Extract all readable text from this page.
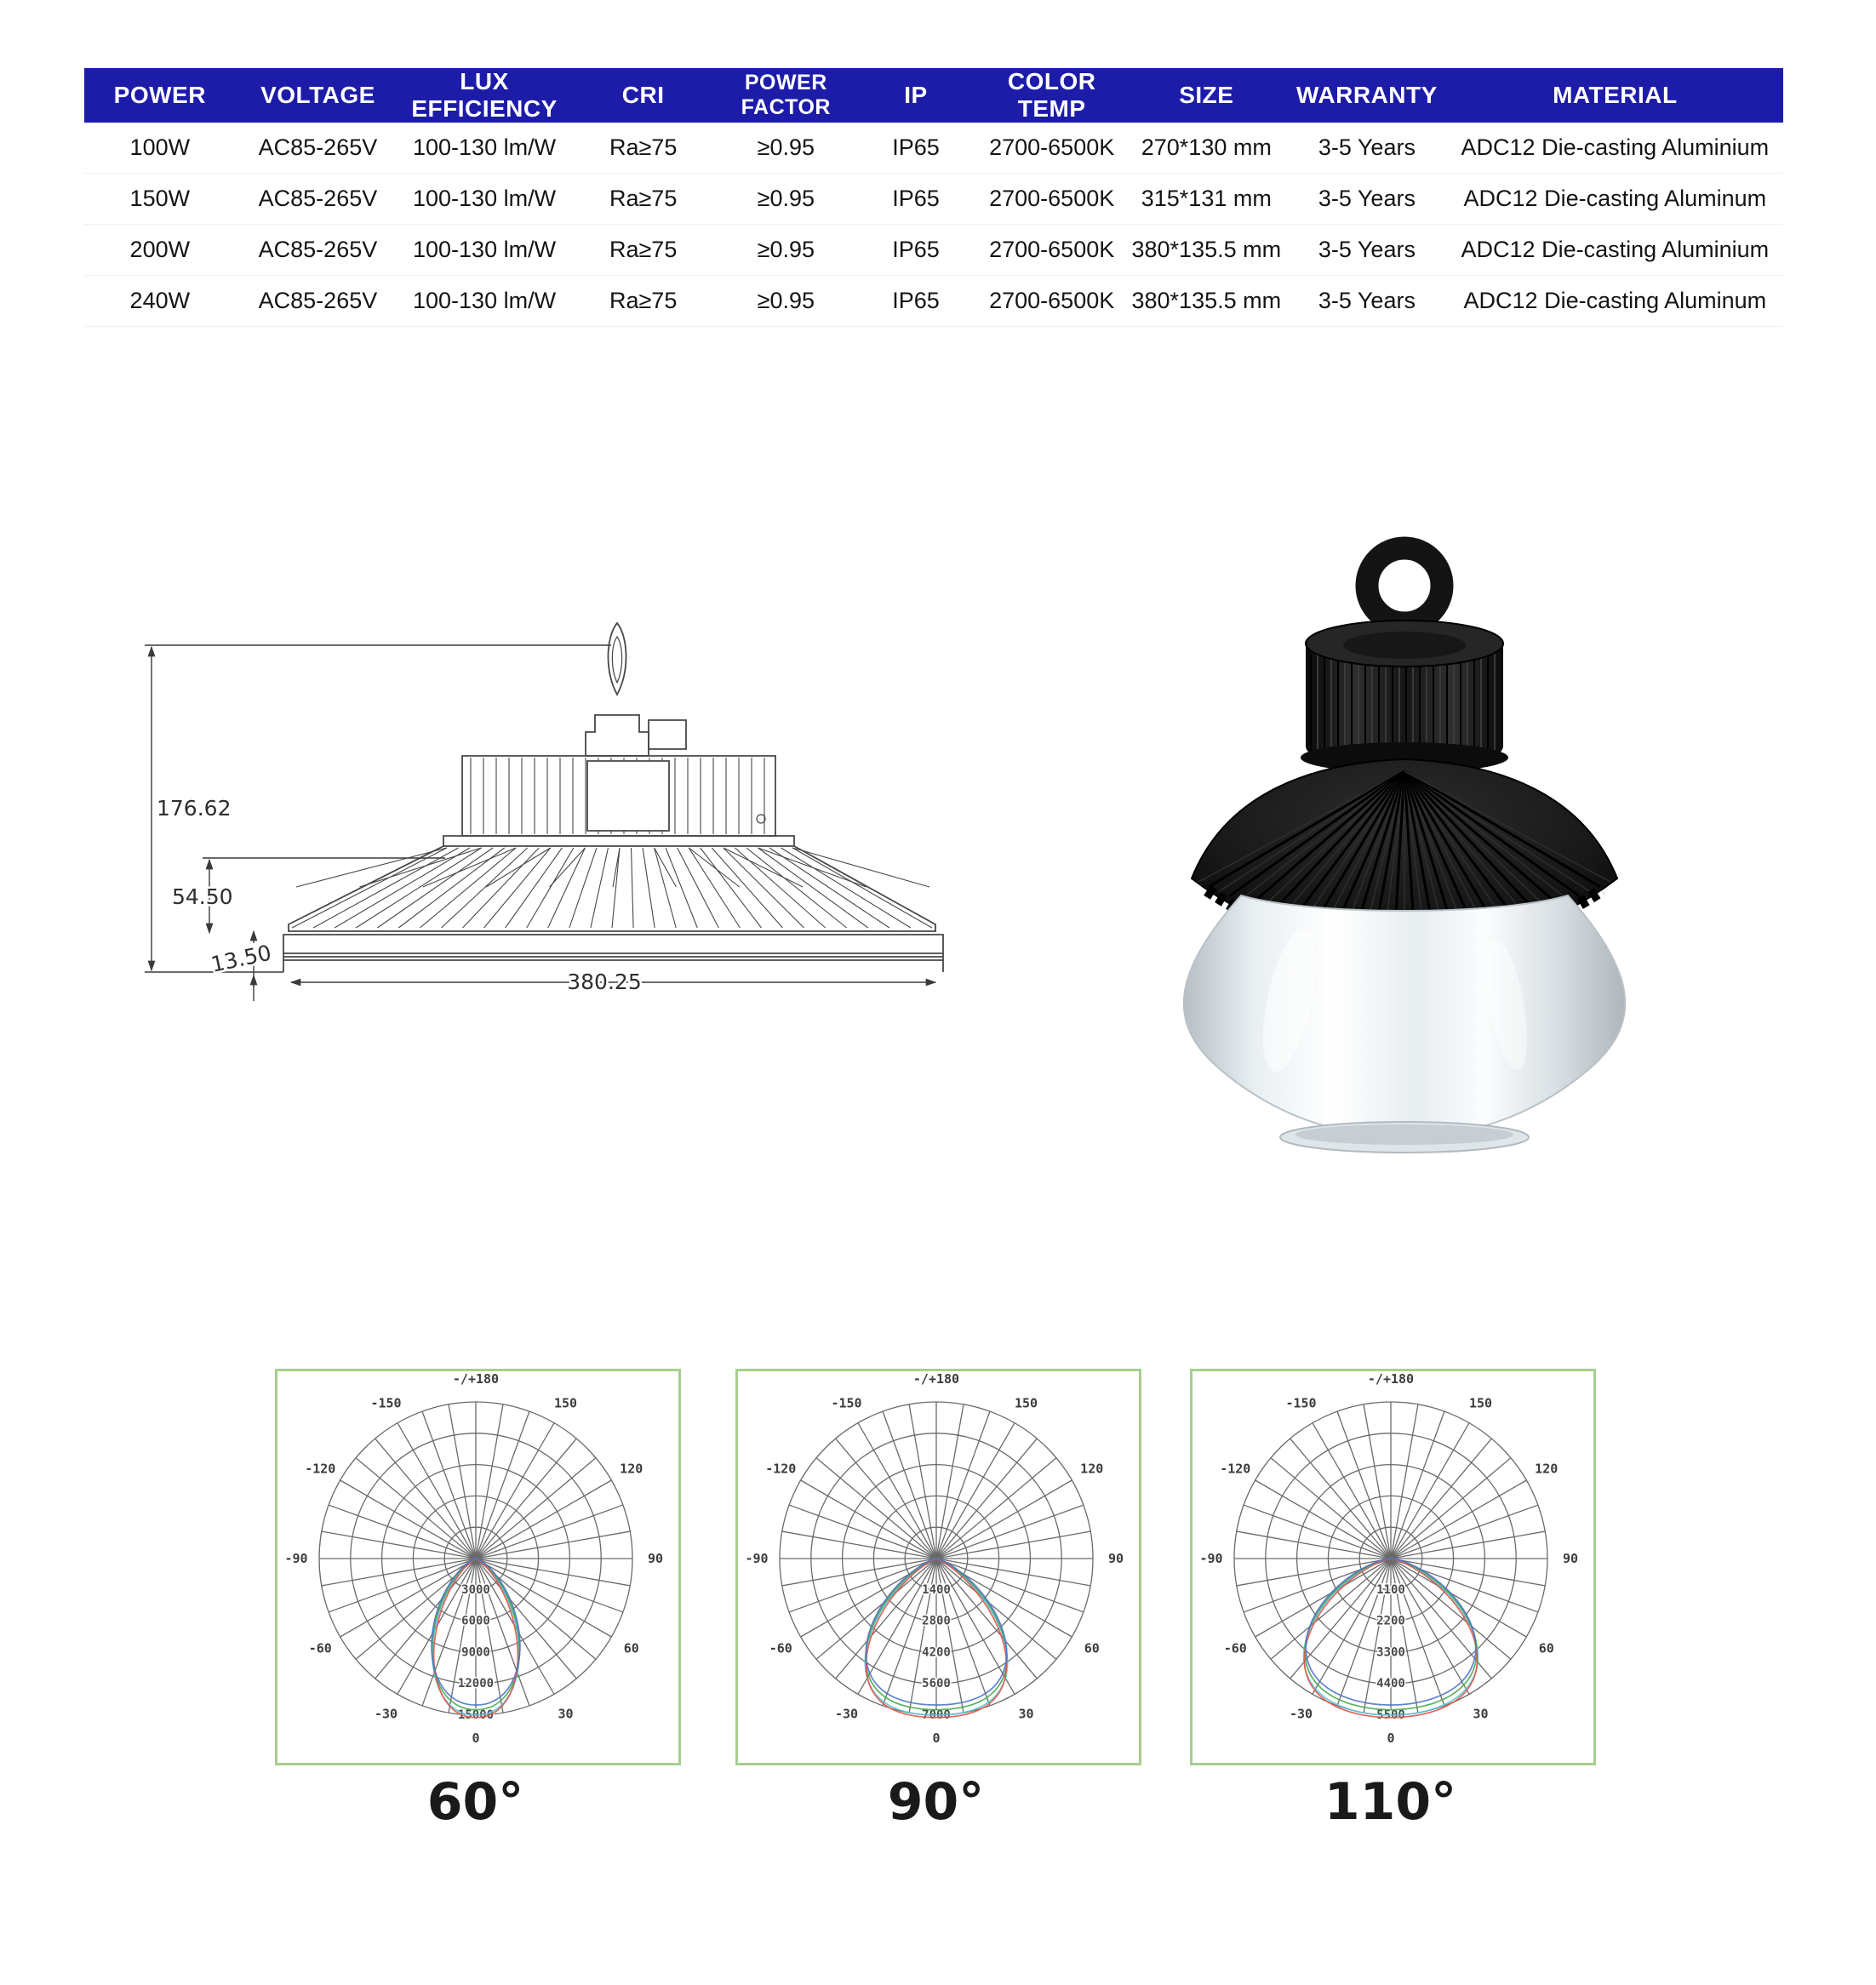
POWER	VOLTAGE	LUX EFFICIENCY	CRI	POWER FACTOR	IP	COLOR TEMP	SIZE	WARRANTY	MATERIAL
100W	AC85-265V	100-130 lm/W	Ra≥75	≥0.95	IP65	2700-6500K	270*130 mm	3-5 Years	ADC12 Die-casting Aluminium
150W	AC85-265V	100-130 lm/W	Ra≥75	≥0.95	IP65	2700-6500K	315*131 mm	3-5 Years	ADC12 Die-casting Aluminum
200W	AC85-265V	100-130 lm/W	Ra≥75	≥0.95	IP65	2700-6500K	380*135.5 mm	3-5 Years	ADC12 Die-casting Aluminium
240W	AC85-265V	100-130 lm/W	Ra≥75	≥0.95	IP65	2700-6500K	380*135.5 mm	3-5 Years	ADC12 Die-casting Aluminum
176.62
54.50
13.50
380.25
-/+180
-150	150
-120	120
-90	90
-60	60
-30	30
0
3000
6000
9000
12000
15000
60°
-/+180
-150	150
-120	120
-90	90
-60	60
-30	30
0
1400
2800
4200
5600
7000
90°
-/+180
-150	150
-120	120
-90	90
-60	60
-30	30
0
1100
2200
3300
4400
5500
110°
